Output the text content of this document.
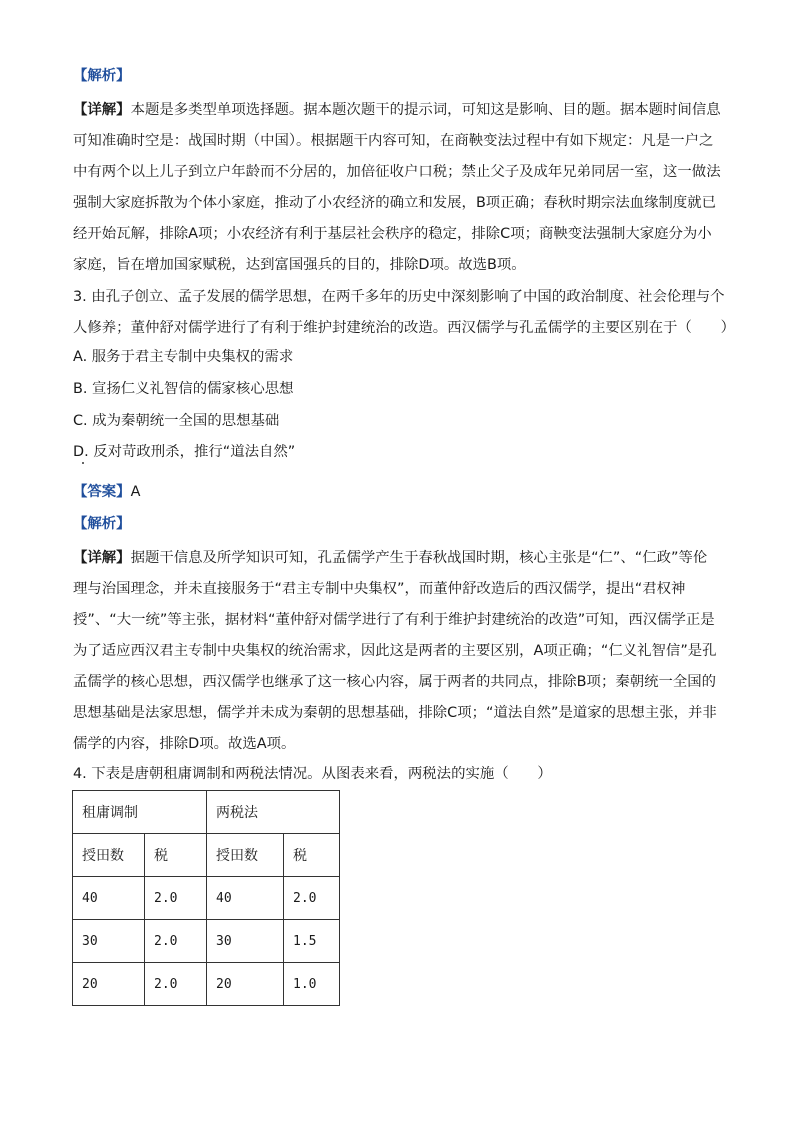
【解析】

【详解】本题是多类型单项选择题。据本题次题干的提示词，可知这是影响、目的题。据本题时间信息可知准确时空是：战国时期（中国）。根据题干内容可知，在商鞅变法过程中有如下规定：凡是一户之中有两个以上儿子到立户年龄而不分居的，加倍征收户口税；禁止父子及成年兄弟同居一室，这一做法强制大家庭拆散为个体小家庭，推动了小农经济的确立和发展，B项正确；春秋时期宗法血缘制度就已经开始瓦解，排除A项；小农经济有利于基层社会秩序的稳定，排除C项；商鞅变法强制大家庭分为小家庭，旨在增加国家赋税，达到富国强兵的目的，排除D项。故选B项。

3. 由孔子创立、孟子发展的儒学思想，在两千多年的历史中深刻影响了中国的政治制度、社会伦理与个人修养；董仲舒对儒学进行了有利于维护封建统治的改造。西汉儒学与孔孟儒学的主要区别在于（　　）

A. 服务于君主专制中央集权的需求
B. 宣扬仁义礼智信的儒家核心思想
C. 成为秦朝统一全国的思想基础
D. 反对苛政刑杀，推行“道法自然”
【答案】A
【解析】

【详解】据题干信息及所学知识可知，孔孟儒学产生于春秋战国时期，核心主张是“仁”、“仁政”等伦理与治国理念，并未直接服务于“君主专制中央集权”，而董仲舒改造后的西汉儒学，提出“君权神授”、“大一统”等主张，据材料“董仲舒对儒学进行了有利于维护封建统治的改造”可知，西汉儒学正是为了适应西汉君主专制中央集权的统治需求，因此这是两者的主要区别，A项正确；“仁义礼智信”是孔孟儒学的核心思想，西汉儒学也继承了这一核心内容，属于两者的共同点，排除B项；秦朝统一全国的思想基础是法家思想，儒学并未成为秦朝的思想基础，排除C项；“道法自然”是道家的思想主张，并非儒学的内容，排除D项。故选A项。

4. 下表是唐朝租庸调制和两税法情况。从图表来看，两税法的实施（　　）
租庸调制		两税法	
授田数	税	授田数	税
40	2.0	40	2.0
30	2.0	30	1.5
20	2.0	20	1.0
